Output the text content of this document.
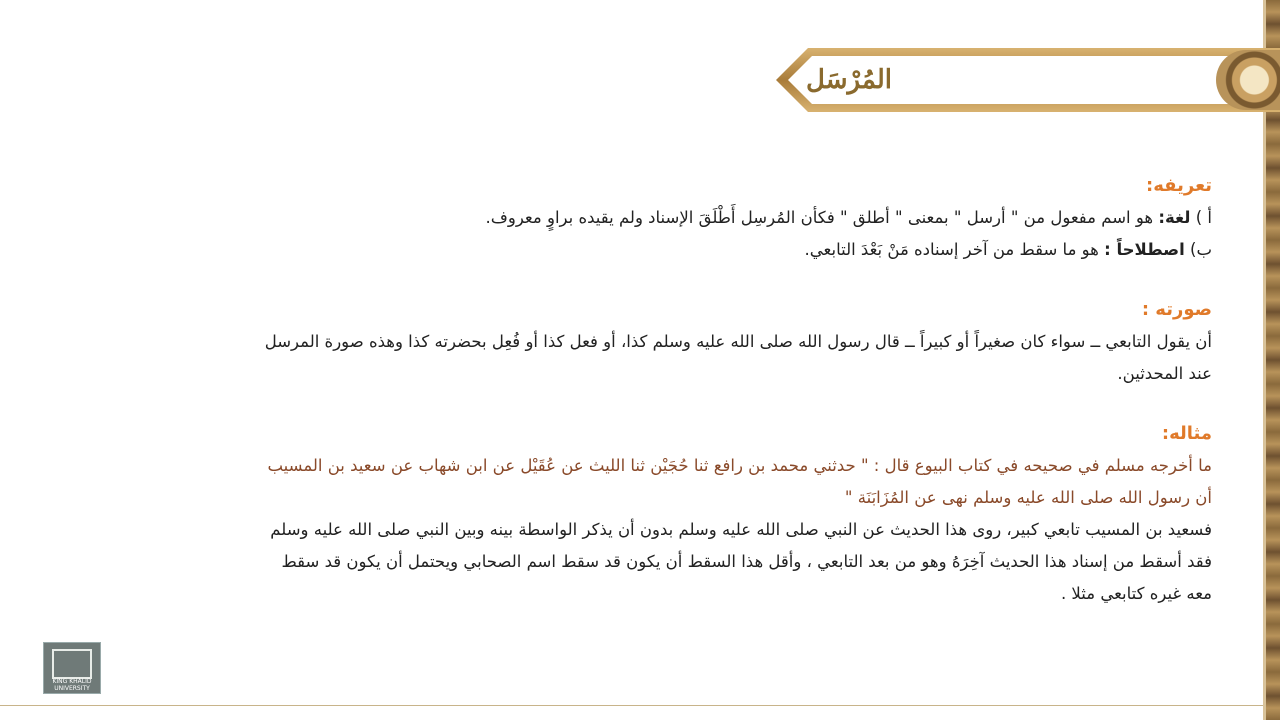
المُرْسَل
تعريفه:
أ ) لغة: هو اسم مفعول من " أرسل " بمعنى " أطلق " فكأن المُرسِل أَطْلَقَ الإسناد ولم يقيده براوٍ معروف.
ب) اصطلاحاً : هو ما سقط من آخر إسناده مَنْ بَعْدَ التابعي.
صورته :
أن يقول التابعي ــ سواء كان صغيراً أو كبيراً ــ قال رسول الله صلى الله عليه وسلم كذا، أو فعل كذا أو فُعِل بحضرته كذا وهذه صورة المرسل
عند المحدثين.
مثاله:
ما أخرجه مسلم في صحيحه في كتاب البيوع قال : " حدثني محمد بن رافع ثنا حُجَيْن ثنا الليث عن عُقَيْل عن ابن شهاب عن سعيد بن المسيب
أن رسول الله صلى الله عليه وسلم نهى عن المُزَابَنَة "
فسعيد بن المسيب تابعي كبير، روى هذا الحديث عن النبي صلى الله عليه وسلم بدون أن يذكر الواسطة بينه وبين النبي صلى الله عليه وسلم
فقد أسقط من إسناد هذا الحديث آخِرَهُ وهو من بعد التابعي ، وأقل هذا السقط أن يكون قد سقط اسم الصحابي ويحتمل أن يكون قد سقط
معه غيره كتابعي مثلا .
KING KHALID UNIVERSITY
